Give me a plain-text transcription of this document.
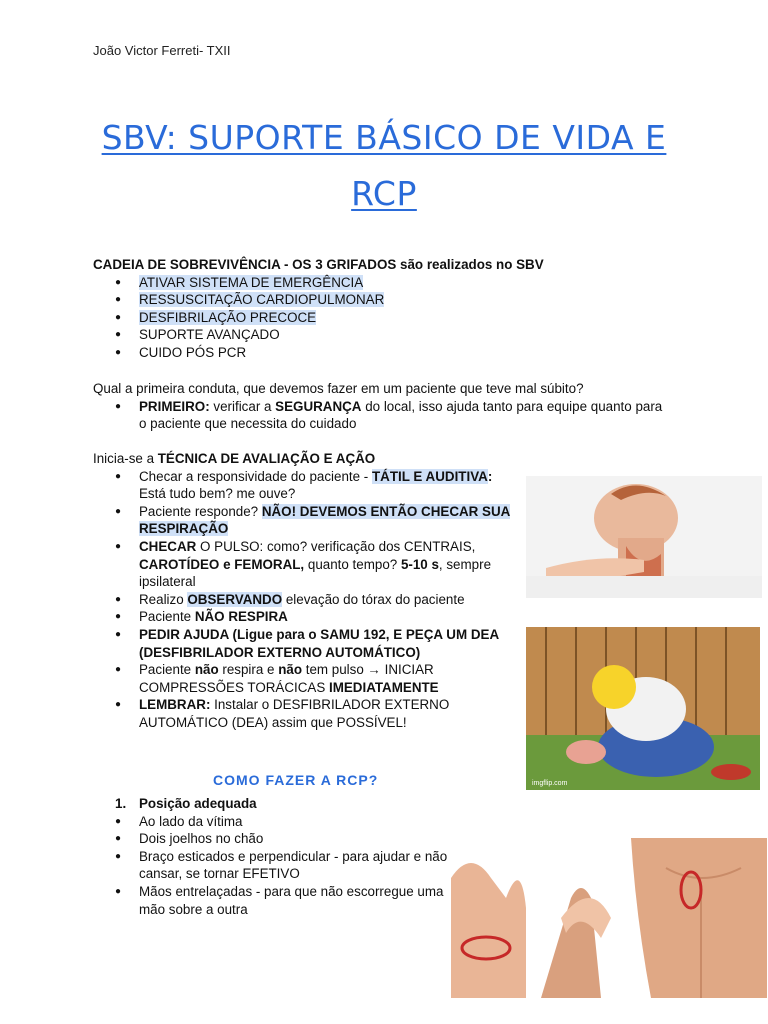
João Victor Ferreti- TXII
SBV: SUPORTE BÁSICO DE VIDA E
RCP
CADEIA DE SOBREVIVÊNCIA - OS 3 GRIFADOS são realizados no SBV
● ATIVAR SISTEMA DE EMERGÊNCIA
● RESSUSCITAÇÃO CARDIOPULMONAR
● DESFIBRILAÇÃO PRECOCE
● SUPORTE AVANÇADO
● CUIDO PÓS PCR
Qual a primeira conduta, que devemos fazer em um paciente que teve mal súbito?
● PRIMEIRO: verificar a SEGURANÇA do local, isso ajuda tanto para equipe quanto para o paciente que necessita do cuidado
Inicia-se a TÉCNICA DE AVALIAÇÃO E AÇÃO
● Checar a responsividade do paciente - TÁTIL E AUDITIVA:
Está tudo bem? me ouve?
● Paciente responde? NÃO! DEVEMOS ENTÃO CHECAR SUA RESPIRAÇÃO
● CHECAR O PULSO: como? verificação dos CENTRAIS, CAROTÍDEO e FEMORAL, quanto tempo? 5-10 s, sempre ipsilateral
● Realizo OBSERVANDO elevação do tórax do paciente
● Paciente NÃO RESPIRA
● PEDIR AJUDA (Ligue para o SAMU 192, E PEÇA UM DEA (DESFIBRILADOR EXTERNO AUTOMÁTICO)
● Paciente não respira e não tem pulso → INICIAR COMPRESSÕES TORÁCICAS IMEDIATAMENTE
● LEMBRAR: Instalar o DESFIBRILADOR EXTERNO AUTOMÁTICO (DEA) assim que POSSÍVEL!
COMO FAZER A RCP?
1. Posição adequada
● Ao lado da vítima
● Dois joelhos no chão
● Braço esticados e perpendicular - para ajudar e não cansar, se tornar EFETIVO
● Mãos entrelaçadas - para que não escorregue uma mão sobre a outra
imgflip.com
